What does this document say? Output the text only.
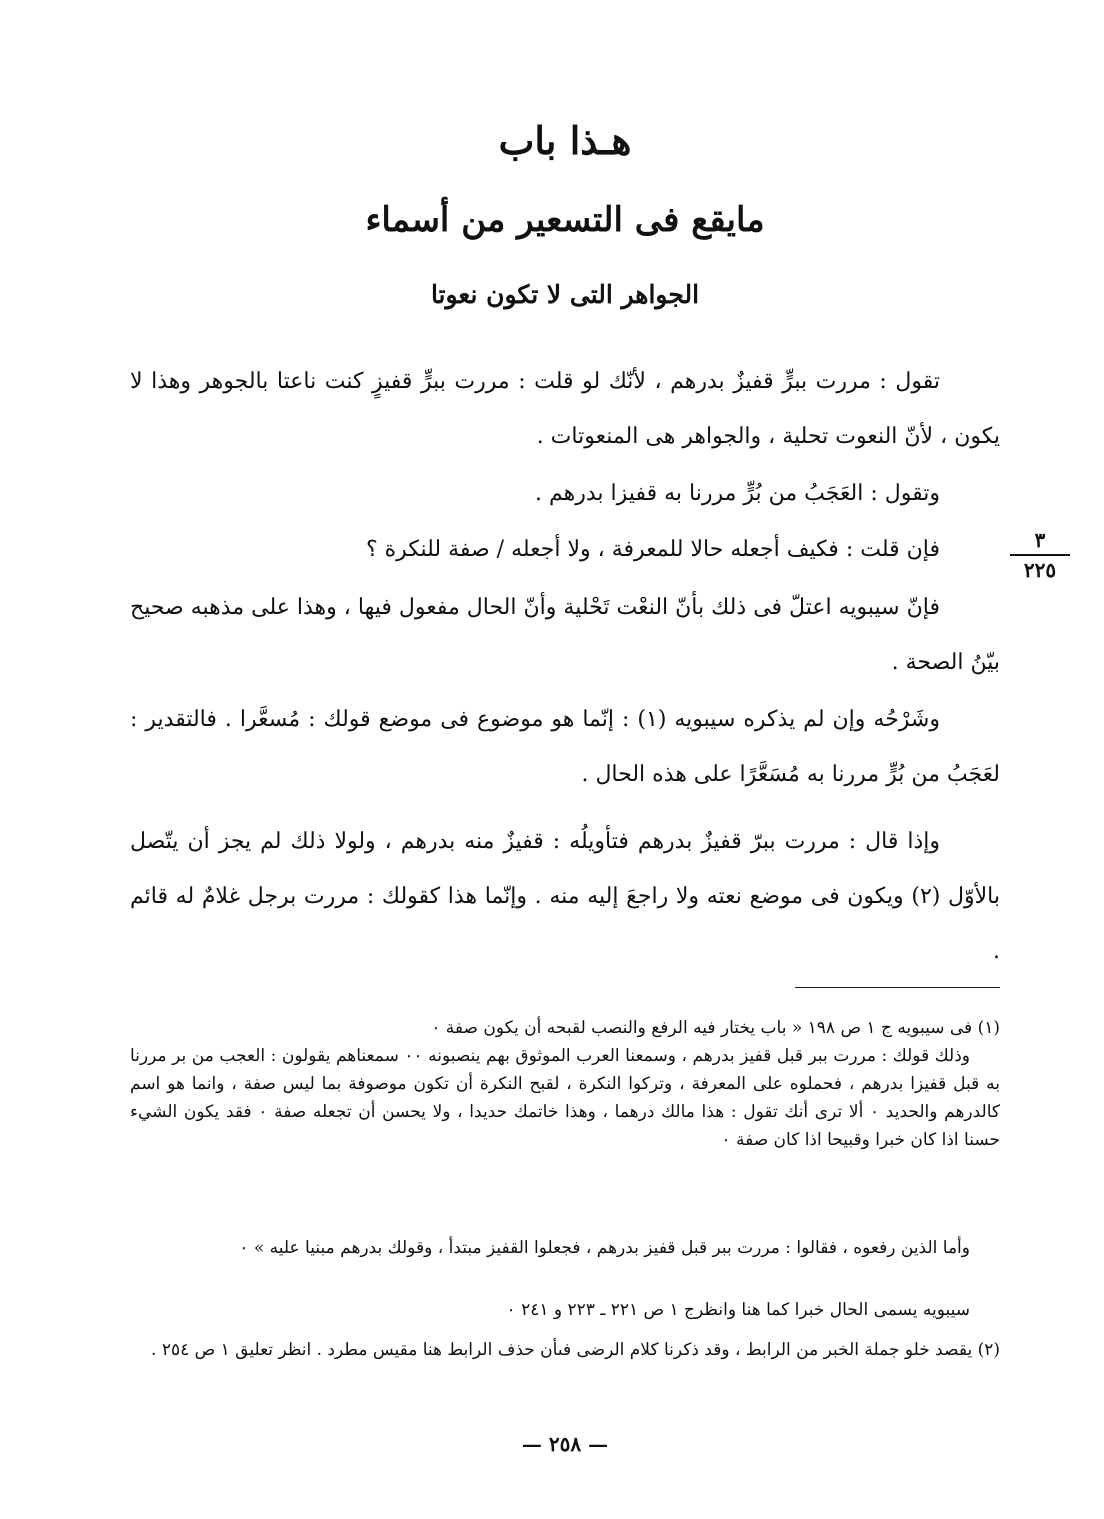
هـذا باب
مايقع فى التسعير من أسماء
الجواهر التى لا تكون نعوتا

تقول : مررت ببرٍّ قفيزٌ بدرهم ، لأنّك لو قلت : مررت ببرٍّ قفيزٍ كنت ناعتا بالجوهر وهذا لا يكون ، لأنّ النعوت تحلية ، والجواهر هى المنعوتات .

وتقول : العَجَبُ من بُرٍّ مررنا به قفيزا بدرهم .

فإن قلت : فكيف أجعله حالا للمعرفة ، ولا أجعله / صفة للنكرة ؟	٣
٢٢٥

فإنّ سيبويه اعتلّ فى ذلك بأنّ النعْت تَحْلية وأنّ الحال مفعول فيها ، وهذا على مذهبه صحيح بيّنُ الصحة .

وشَرْحُه وإن لم يذكره سيبويه (١) : إنّما هو موضوع فى موضع قولك : مُسعَّرا . فالتقدير : لعَجَبُ من بُرٍّ مررنا به مُسَعَّرًا على هذه الحال .

وإذا قال : مررت ببرّ قفيزٌ بدرهم فتأويلُه : قفيزٌ منه بدرهم ، ولولا ذلك لم يجز أن يتّصل بالأوّل (٢) ويكون فى موضع نعته ولا راجعَ إليه منه . وإنّما هذا كقولك : مررت برجل غلامٌ له قائم .

(١) فى سيبويه ج ١ ص ١٩٨ « باب يختار فيه الرفع والنصب لقبحه أن يكون صفة ٠

وذلك قولك : مررت ببر قبل قفيز بدرهم ، وسمعنا العرب الموثوق بهم ينصبونه ٠٠ سمعناهم يقولون : العجب من بر مررنا به قبل قفيزا بدرهم ، فحملوه على المعرفة ، وتركوا النكرة ، لقبح النكرة أن تكون موصوفة بما ليس صفة ، وانما هو اسم كالدرهم والحديد ٠ ألا ترى أنك تقول : هذا مالك درهما ، وهذا خاتمك حديدا ، ولا يحسن أن تجعله صفة ٠ فقد يكون الشيء حسنا اذا كان خبرا وقبيحا اذا كان صفة ٠

وأما الذين رفعوه ، فقالوا : مررت ببر قبل قفيز بدرهم ، فجعلوا القفيز مبتدأ ، وقولك بدرهم مبنيا عليه » ٠

سيبويه يسمى الحال خبرا كما هنا وانظرج ١ ص ٢٢١ ـ ٢٢٣ و ٢٤١ ٠

(٢) يقصد خلو جملة الخبر من الرابط ، وقد ذكرنا كلام الرضى فىأن حذف الرابط هنا مقيس مطرد . انظر تعليق ١ ص ٢٥٤ .

— ٢٥٨ —
